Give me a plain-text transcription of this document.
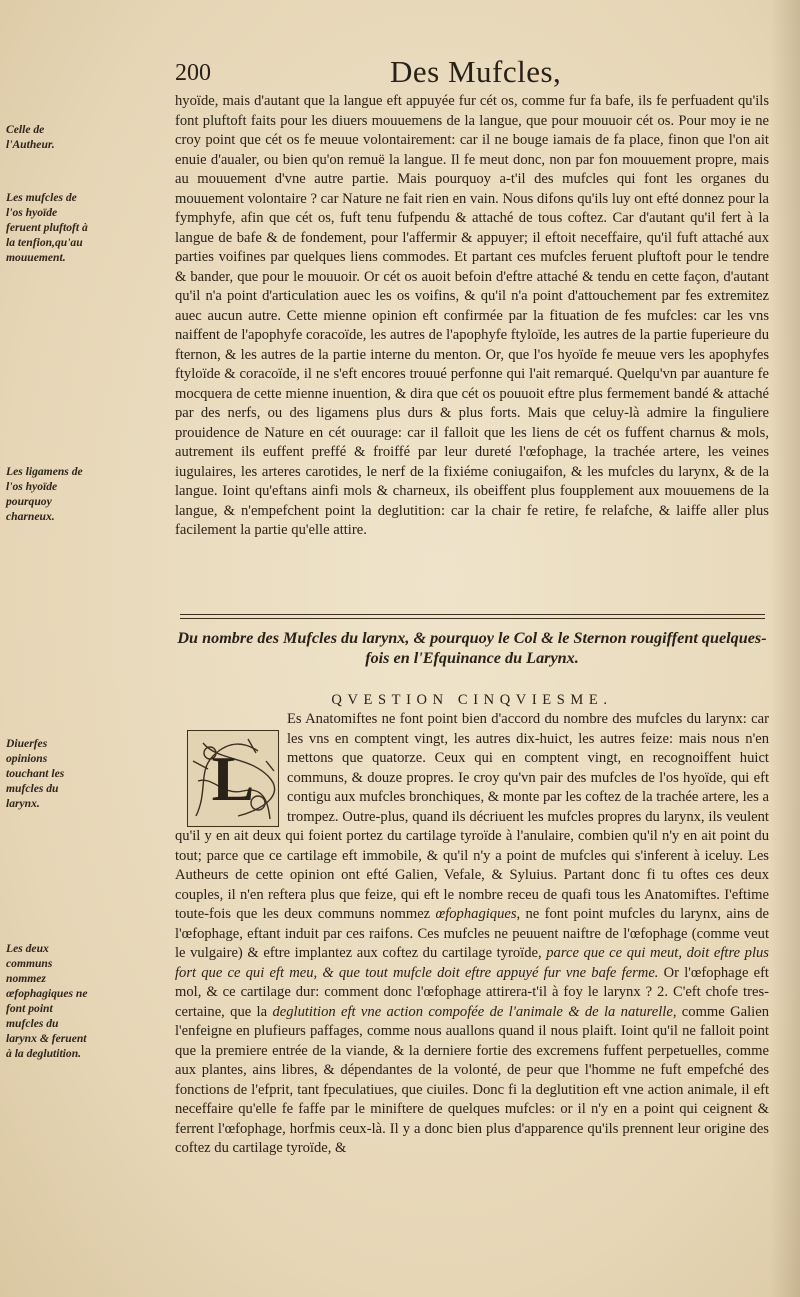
200	Des Mufcles,
Celle de l'Autheur.
Les mufcles de l'os hyoïde feruent pluftoft à la tenfion,qu'au mouuement.
Les ligamens de l'os hyoïde pourquoy charneux.
Diuerfes opinions touchant les mufcles du larynx.
Les deux communs nommez œfophagiques ne font point mufcles du larynx & feruent à la deglutition.
hyoïde, mais d'autant que la langue eft appuyée fur cét os, comme fur fa bafe, ils fe perfuadent qu'ils font pluftoft faits pour les diuers mouuemens de la langue, que pour mouuoir cét os. Pour moy ie ne croy point que cét os fe meuue volontairement: car il ne bouge iamais de fa place, finon que l'on ait enuie d'aualer, ou bien qu'on remuë la langue. Il fe meut donc, non par fon mouuement propre, mais au mouuement d'vne autre partie. Mais pourquoy a-t'il des mufcles qui font les organes du mouuement volontaire ? car Nature ne fait rien en vain. Nous difons qu'ils luy ont efté donnez pour la fymphyfe, afin que cét os, fuft tenu fufpendu & attaché de tous coftez. Car d'autant qu'il fert à la langue de bafe & de fondement, pour l'affermir & appuyer; il eftoit neceffaire, qu'il fuft attaché aux parties voifines par quelques liens commodes. Et partant ces mufcles feruent pluftoft pour le tendre & bander, que pour le mouuoir. Or cét os auoit befoin d'eftre attaché & tendu en cette façon, d'autant qu'il n'a point d'articulation auec les os voifins, & qu'il n'a point d'attouchement par fes extremitez auec aucun autre. Cette mienne opinion eft confirmée par la fituation de fes mufcles: car les vns naiffent de l'apophyfe coracoïde, les autres de l'apophyfe ftyloïde, les autres de la partie fuperieure du fternon, & les autres de la partie interne du menton. Or, que l'os hyoïde fe meuue vers les apophyfes ftyloïde & coracoïde, il ne s'eft encores trouué perfonne qui l'ait remarqué. Quelqu'vn par auanture fe mocquera de cette mienne inuention, & dira que cét os pouuoit eftre plus fermement bandé & attaché par des nerfs, ou des ligamens plus durs & plus forts. Mais que celuy-là admire la finguliere prouidence de Nature en cét ouurage: car il falloit que les liens de cét os fuffent charnus & mols, autrement ils euffent preffé & froiffé par leur dureté l'œfophage, la trachée artere, les veines iugulaires, les arteres carotides, le nerf de la fixiéme coniugaifon, & les mufcles du larynx, & de la langue. Ioint qu'eftans ainfi mols & charneux, ils obeiffent plus foupplement aux mouuemens de la langue, & n'empefchent point la deglutition: car la chair fe retire, fe relafche, & laiffe aller plus facilement la partie qu'elle attire.
Du nombre des Mufcles du larynx, & pourquoy le Col & le Sternon rougiffent quelques-fois en l'Efquinance du Larynx.
QVESTION CINQVIESME.
L
Es Anatomiftes ne font point bien d'accord du nombre des mufcles du larynx: car les vns en comptent vingt, les autres dix-huict, les autres feize: mais nous n'en mettons que quatorze. Ceux qui en comptent vingt, en recognoiffent huict communs, & douze propres. Ie croy qu'vn pair des mufcles de l'os hyoïde, qui eft contigu aux mufcles bronchiques, & monte par les coftez de la trachée artere, les a trompez. Outre-plus, quand ils décriuent les mufcles propres du larynx, ils veulent qu'il y en ait deux qui foient portez du cartilage tyroïde à l'anulaire, combien qu'il n'y en ait point du tout; parce que ce cartilage eft immobile, & qu'il n'y a point de mufcles qui s'inferent à iceluy. Les Autheurs de cette opinion ont efté Galien, Vefale, & Syluius. Partant donc fi tu oftes ces deux couples, il n'en reftera plus que feize, qui eft le nombre receu de quafi tous les Anatomiftes. I'eftime toute-fois que les deux communs nommez œfophagiques, ne font point mufcles du larynx, ains de l'œfophage, eftant induit par ces raifons. Ces mufcles ne peuuent naiftre de l'œfophage (comme veut le vulgaire) & eftre implantez aux coftez du cartilage tyroïde, parce que ce qui meut, doit eftre plus fort que ce qui eft meu, & que tout mufcle doit eftre appuyé fur vne bafe ferme. Or l'œfophage eft mol, & ce cartilage dur: comment donc l'œfophage attirera-t'il à foy le larynx ? 2. C'eft chofe tres-certaine, que la deglutition eft vne action compofée de l'animale & de la naturelle, comme Galien l'enfeigne en plufieurs paffages, comme nous auallons quand il nous plaift. Ioint qu'il ne falloit point que la premiere entrée de la viande, & la derniere fortie des excremens fuffent perpetuelles, comme aux plantes, ains libres, & dépendantes de la volonté, de peur que l'homme ne fuft empefché des fonctions de l'efprit, tant fpeculatiues, que ciuiles. Donc fi la deglutition eft vne action animale, il eft neceffaire qu'elle fe faffe par le miniftere de quelques mufcles: or il n'y en a point qui ceignent & ferrent l'œfophage, horfmis ceux-là. Il y a donc bien plus d'apparence qu'ils prennent leur origine des coftez du cartilage tyroïde, &
